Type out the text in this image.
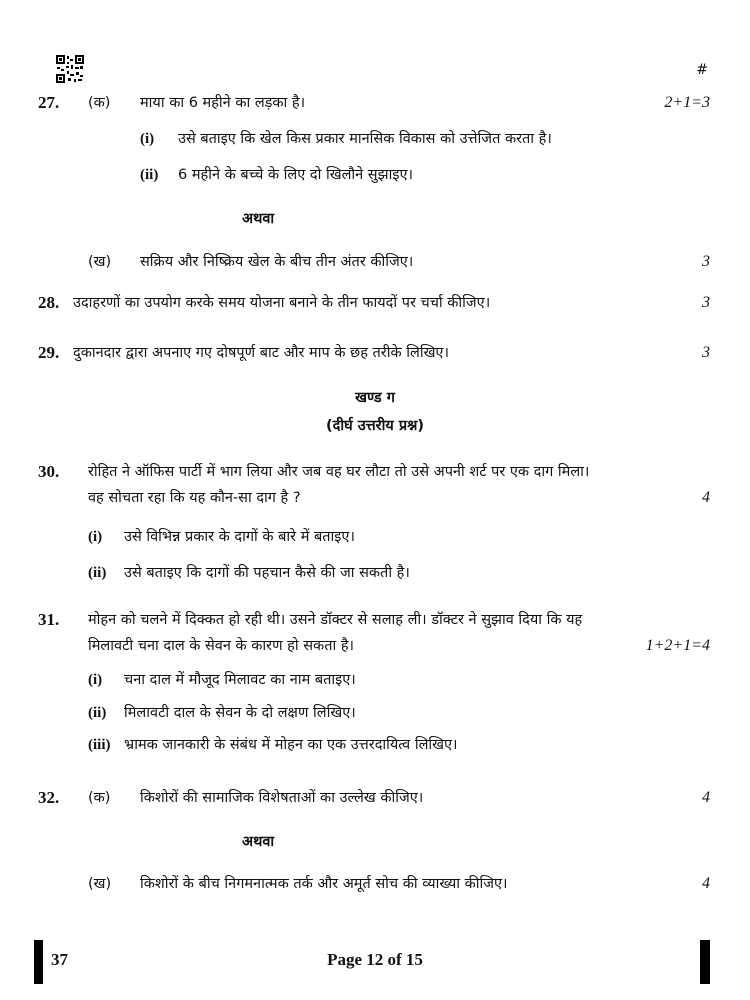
#
27. (क) माया का 6 महीने का लड़का है।	2+1=3
(i) उसे बताइए कि खेल किस प्रकार मानसिक विकास को उत्तेजित करता है।
(ii) 6 महीने के बच्चे के लिए दो खिलौने सुझाइए।
अथवा
(ख) सक्रिय और निष्क्रिय खेल के बीच तीन अंतर कीजिए।	3
28. उदाहरणों का उपयोग करके समय योजना बनाने के तीन फायदों पर चर्चा कीजिए।	3
29. दुकानदार द्वारा अपनाए गए दोषपूर्ण बाट और माप के छह तरीके लिखिए।	3
खण्ड ग
(दीर्घ उत्तरीय प्रश्न)
30. रोहित ने ऑफिस पार्टी में भाग लिया और जब वह घर लौटा तो उसे अपनी शर्ट पर एक दाग मिला।
वह सोचता रहा कि यह कौन-सा दाग है ?	4
(i) उसे विभिन्न प्रकार के दागों के बारे में बताइए।
(ii) उसे बताइए कि दागों की पहचान कैसे की जा सकती है।
31. मोहन को चलने में दिक्कत हो रही थी। उसने डॉक्टर से सलाह ली। डॉक्टर ने सुझाव दिया कि यह
मिलावटी चना दाल के सेवन के कारण हो सकता है।	1+2+1=4
(i) चना दाल में मौजूद मिलावट का नाम बताइए।
(ii) मिलावटी दाल के सेवन के दो लक्षण लिखिए।
(iii) भ्रामक जानकारी के संबंध में मोहन का एक उत्तरदायित्व लिखिए।
32. (क) किशोरों की सामाजिक विशेषताओं का उल्लेख कीजिए।	4
अथवा
(ख) किशोरों के बीच निगमनात्मक तर्क और अमूर्त सोच की व्याख्या कीजिए।	4
37	Page 12 of 15
